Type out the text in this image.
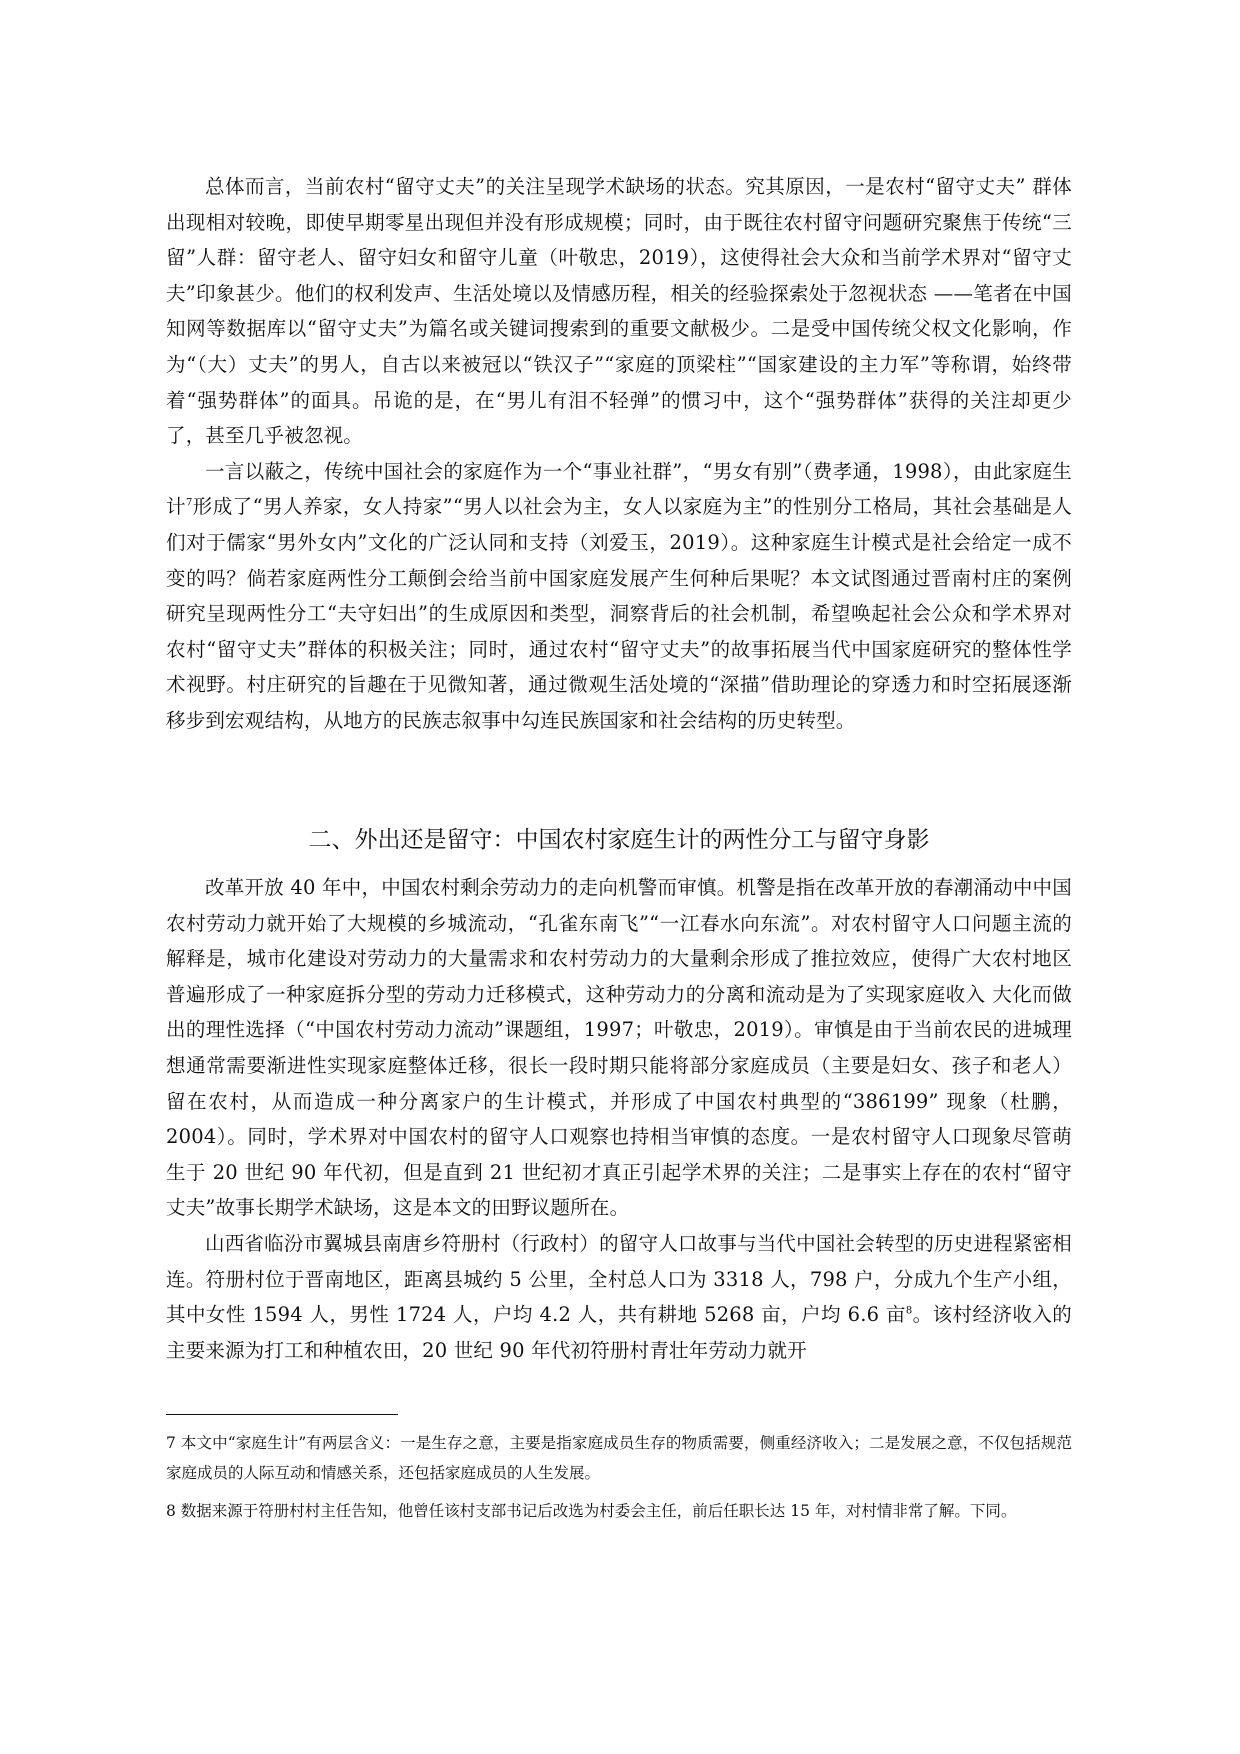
总体而言，当前农村“留守丈夫”的关注呈现学术缺场的状态。究其原因，一是农村“留守丈夫” 群体出现相对较晚，即使早期零星出现但并没有形成规模；同时，由于既往农村留守问题研究聚焦于传统“三留”人群：留守老人、留守妇女和留守儿童（叶敬忠，2019），这使得社会大众和当前学术界对“留守丈夫”印象甚少。他们的权利发声、生活处境以及情感历程，相关的经验探索处于忽视状态 ——笔者在中国知网等数据库以“留守丈夫”为篇名或关键词搜索到的重要文献极少。二是受中国传统父权文化影响，作为“（大）丈夫”的男人，自古以来被冠以“铁汉子”“家庭的顶梁柱”“国家建设的主力军”等称谓，始终带着“强势群体”的面具。吊诡的是，在“男儿有泪不轻弹”的惯习中，这个“强势群体”获得的关注却更少了，甚至几乎被忽视。

一言以蔽之，传统中国社会的家庭作为一个“事业社群”，“男女有别”（费孝通，1998），由此家庭生计$^7$形成了“男人养家，女人持家”“男人以社会为主，女人以家庭为主”的性别分工格局，其社会基础是人们对于儒家“男外女内”文化的广泛认同和支持（刘爱玉，2019）。这种家庭生计模式是社会给定一成不变的吗？倘若家庭两性分工颠倒会给当前中国家庭发展产生何种后果呢？本文试图通过晋南村庄的案例研究呈现两性分工“夫守妇出”的生成原因和类型，洞察背后的社会机制，希望唤起社会公众和学术界对农村“留守丈夫”群体的积极关注；同时，通过农村“留守丈夫”的故事拓展当代中国家庭研究的整体性学术视野。村庄研究的旨趣在于见微知著，通过微观生活处境的“深描”借助理论的穿透力和时空拓展逐渐移步到宏观结构，从地方的民族志叙事中勾连民族国家和社会结构的历史转型。

二、外出还是留守：中国农村家庭生计的两性分工与留守身影

改革开放 40 年中，中国农村剩余劳动力的走向机警而审慎。机警是指在改革开放的春潮涌动中中国农村劳动力就开始了大规模的乡城流动，“孔雀东南飞”“一江春水向东流”。对农村留守人口问题主流的解释是，城市化建设对劳动力的大量需求和农村劳动力的大量剩余形成了推拉效应，使得广大农村地区普遍形成了一种家庭拆分型的劳动力迁移模式，这种劳动力的分离和流动是为了实现家庭收入 大化而做出的理性选择（“中国农村劳动力流动”课题组，1997；叶敬忠，2019）。审慎是由于当前农民的进城理想通常需要渐进性实现家庭整体迁移，很长一段时期只能将部分家庭成员（主要是妇女、孩子和老人）留在农村，从而造成一种分离家户的生计模式，并形成了中国农村典型的“386199” 现象（杜鹏，2004）。同时，学术界对中国农村的留守人口观察也持相当审慎的态度。一是农村留守人口现象尽管萌生于 20 世纪 90 年代初，但是直到 21 世纪初才真正引起学术界的关注；二是事实上存在的农村“留守丈夫”故事长期学术缺场，这是本文的田野议题所在。

山西省临汾市翼城县南唐乡符册村（行政村）的留守人口故事与当代中国社会转型的历史进程紧密相连。符册村位于晋南地区，距离县城约 5 公里，全村总人口为 3318 人，798 户，分成九个生产小组，其中女性 1594 人，男性 1724 人，户均 4.2 人，共有耕地 5268 亩，户均 6.6 亩$^8$。该村经济收入的主要来源为打工和种植农田，20 世纪 90 年代初符册村青壮年劳动力就开

7 本文中“家庭生计”有两层含义：一是生存之意，主要是指家庭成员生存的物质需要，侧重经济收入；二是发展之意，不仅包括规范家庭成员的人际互动和情感关系，还包括家庭成员的人生发展。

8 数据来源于符册村村主任告知，他曾任该村支部书记后改选为村委会主任，前后任职长达 15 年，对村情非常了解。下同。
